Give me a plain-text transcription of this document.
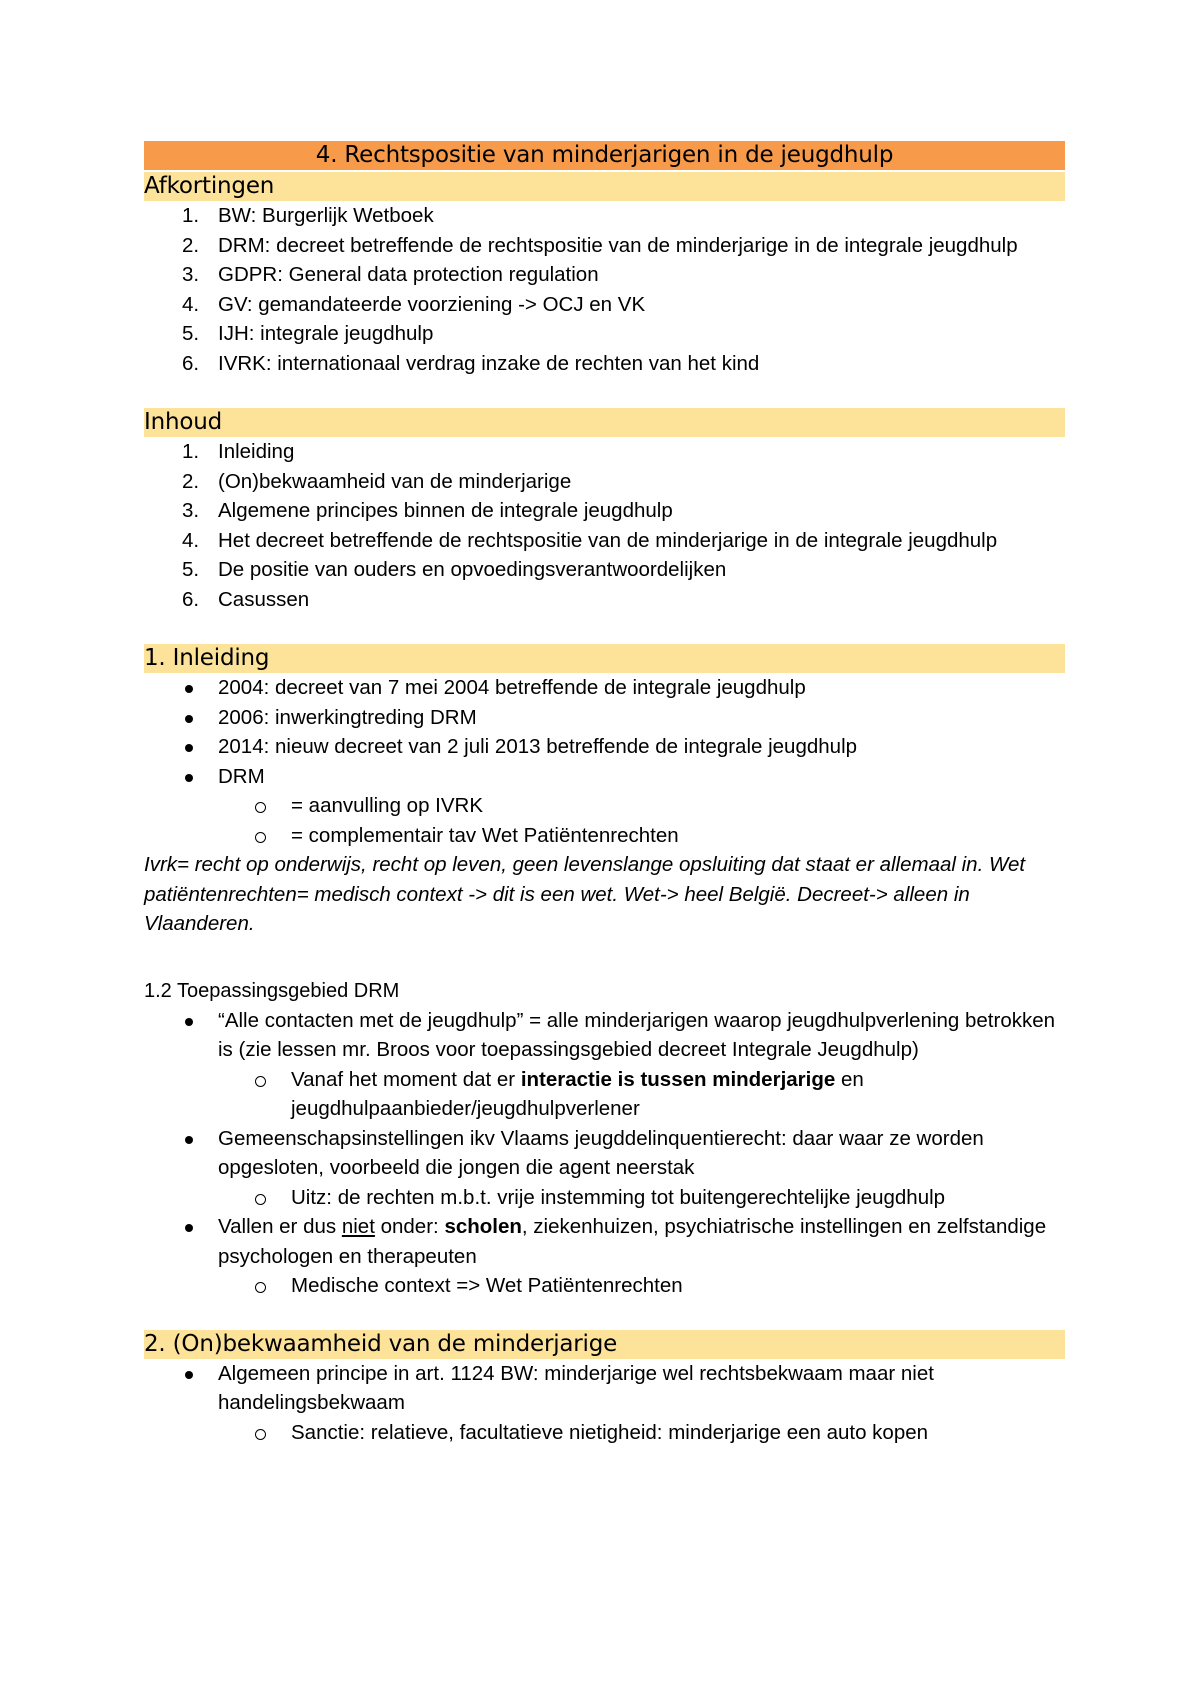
4. Rechtspositie van minderjarigen in de jeugdhulp
Afkortingen
1. BW: Burgerlijk Wetboek
2. DRM: decreet betreffende de rechtspositie van de minderjarige in de integrale jeugdhulp
3. GDPR: General data protection regulation
4. GV: gemandateerde voorziening -> OCJ en VK
5. IJH: integrale jeugdhulp
6. IVRK: internationaal verdrag inzake de rechten van het kind
Inhoud
1. Inleiding
2. (On)bekwaamheid van de minderjarige
3. Algemene principes binnen de integrale jeugdhulp
4. Het decreet betreffende de rechtspositie van de minderjarige in de integrale jeugdhulp
5. De positie van ouders en opvoedingsverantwoordelijken
6. Casussen
1. Inleiding
2004: decreet van 7 mei 2004 betreffende de integrale jeugdhulp
2006: inwerkingtreding DRM
2014: nieuw decreet van 2 juli 2013 betreffende de integrale jeugdhulp
DRM
= aanvulling op IVRK
= complementair tav Wet Patiëntenrechten

Ivrk= recht op onderwijs, recht op leven, geen levenslange opsluiting dat staat er allemaal in. Wet patiëntenrechten= medisch context -> dit is een wet. Wet-> heel België. Decreet-> alleen in Vlaanderen.

1.2 Toepassingsgebied DRM
“Alle contacten met de jeugdhulp” = alle minderjarigen waarop jeugdhulpverlening betrokken is (zie lessen mr. Broos voor toepassingsgebied decreet Integrale Jeugdhulp)
Vanaf het moment dat er interactie is tussen minderjarige en jeugdhulpaanbieder/jeugdhulpverlener
Gemeenschapsinstellingen ikv Vlaams jeugddelinquentierecht: daar waar ze worden opgesloten, voorbeeld die jongen die agent neerstak
Uitz: de rechten m.b.t. vrije instemming tot buitengerechtelijke jeugdhulp
Vallen er dus niet onder: scholen, ziekenhuizen, psychiatrische instellingen en zelfstandige psychologen en therapeuten
Medische context => Wet Patiëntenrechten
2. (On)bekwaamheid van de minderjarige
Algemeen principe in art. 1124 BW: minderjarige wel rechtsbekwaam maar niet handelingsbekwaam
Sanctie: relatieve, facultatieve nietigheid: minderjarige een auto kopen
